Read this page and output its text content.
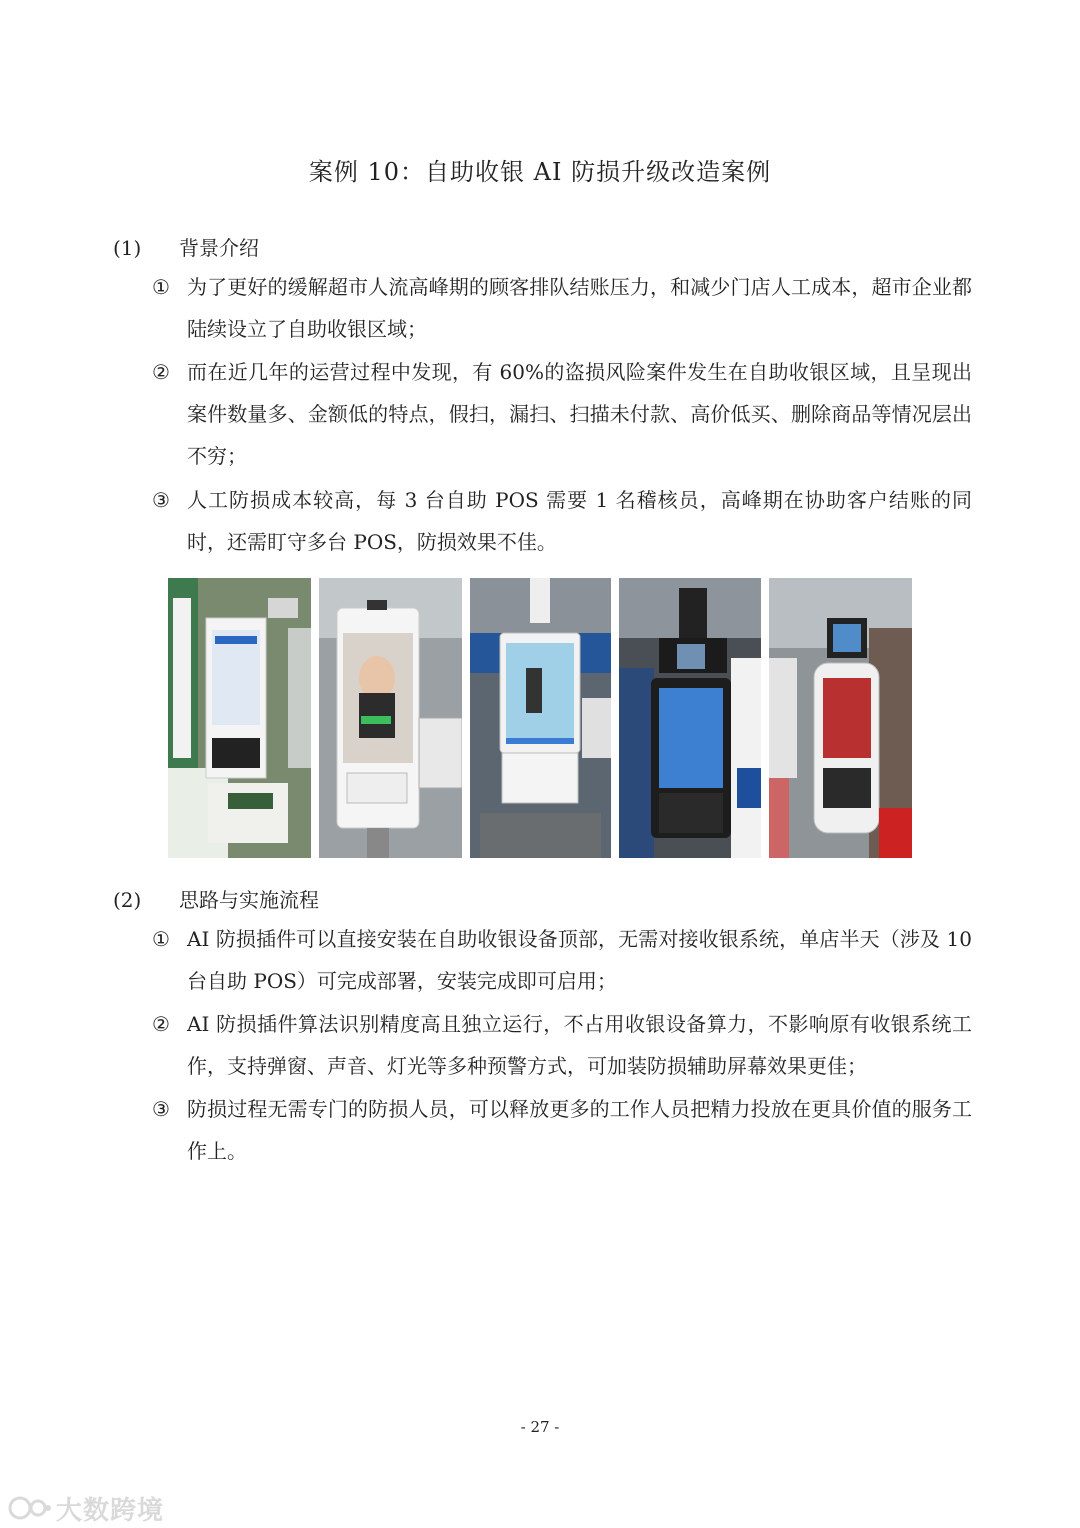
案例 10：自助收银 AI 防损升级改造案例
(1) 背景介绍
① 为了更好的缓解超市人流高峰期的顾客排队结账压力，和减少门店人工成本，超市企业都陆续设立了自助收银区域；
② 而在近几年的运营过程中发现，有 60%的盗损风险案件发生在自助收银区域，且呈现出案件数量多、金额低的特点，假扫，漏扫、扫描未付款、高价低买、删除商品等情况层出不穷；
③ 人工防损成本较高，每 3 台自助 POS 需要 1 名稽核员，高峰期在协助客户结账的同时，还需盯守多台 POS，防损效果不佳。
(2) 思路与实施流程
① AI 防损插件可以直接安装在自助收银设备顶部，无需对接收银系统，单店半天（涉及 10 台自助 POS）可完成部署，安装完成即可启用；
② AI 防损插件算法识别精度高且独立运行，不占用收银设备算力，不影响原有收银系统工作，支持弹窗、声音、灯光等多种预警方式，可加装防损辅助屏幕效果更佳；
③ 防损过程无需专门的防损人员，可以释放更多的工作人员把精力投放在更具价值的服务工作上。
- 27 -
大数跨境
